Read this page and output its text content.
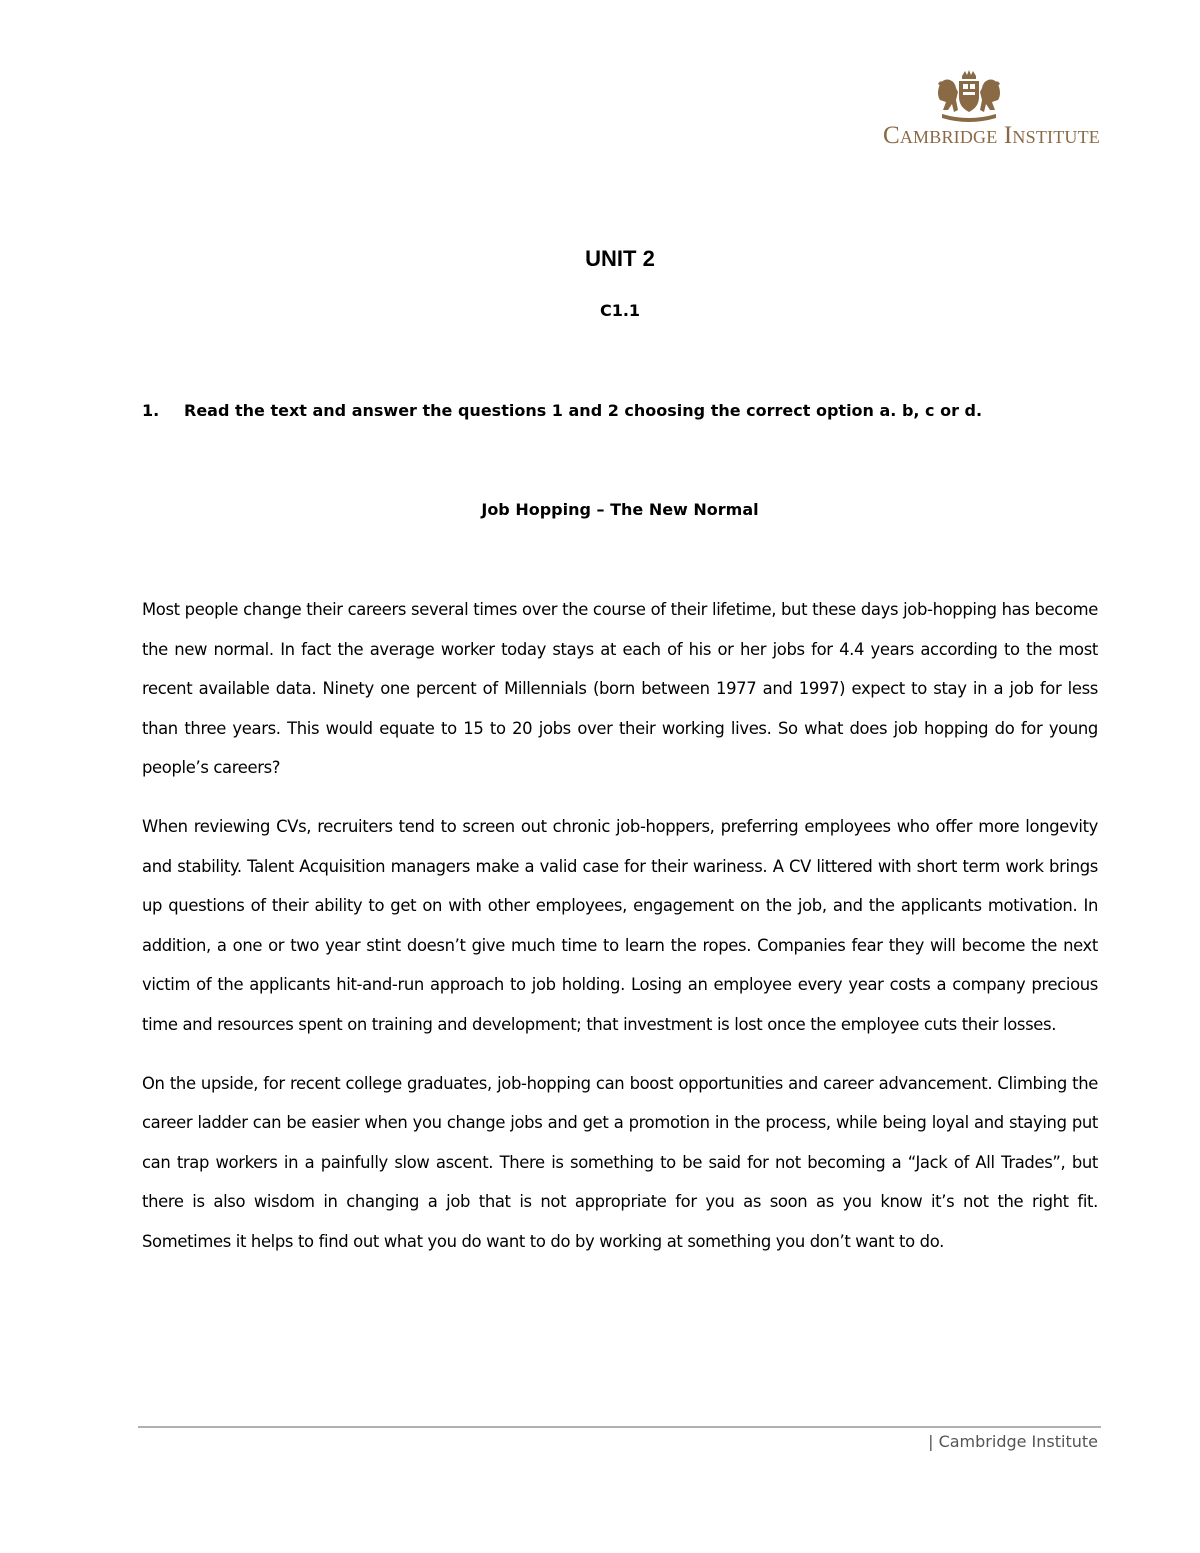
Cambridge Institute
UNIT 2
C1.1
1. Read the text and answer the questions 1 and 2 choosing the correct option a. b, c or d.
Job Hopping – The New Normal

Most people change their careers several times over the course of their lifetime, but these days job-hopping has become the new normal. In fact the average worker today stays at each of his or her jobs for 4.4 years according to the most recent available data. Ninety one percent of Millennials (born between 1977 and 1997) expect to stay in a job for less than three years. This would equate to 15 to 20 jobs over their working lives. So what does job hopping do for young people’s careers?

When reviewing CVs, recruiters tend to screen out chronic job-hoppers, preferring employees who offer more longevity and stability. Talent Acquisition managers make a valid case for their wariness. A CV littered with short term work brings up questions of their ability to get on with other employees, engagement on the job, and the applicants motivation. In addition, a one or two year stint doesn’t give much time to learn the ropes. Companies fear they will become the next victim of the applicants hit-and-run approach to job holding. Losing an employee every year costs a company precious time and resources spent on training and development; that investment is lost once the employee cuts their losses.

On the upside, for recent college graduates, job-hopping can boost opportunities and career advancement. Climbing the career ladder can be easier when you change jobs and get a promotion in the process, while being loyal and staying put can trap workers in a painfully slow ascent. There is something to be said for not becoming a “Jack of All Trades”, but there is also wisdom in changing a job that is not appropriate for you as soon as you know it’s not the right fit. Sometimes it helps to find out what you do want to do by working at something you don’t want to do.

| Cambridge Institute
